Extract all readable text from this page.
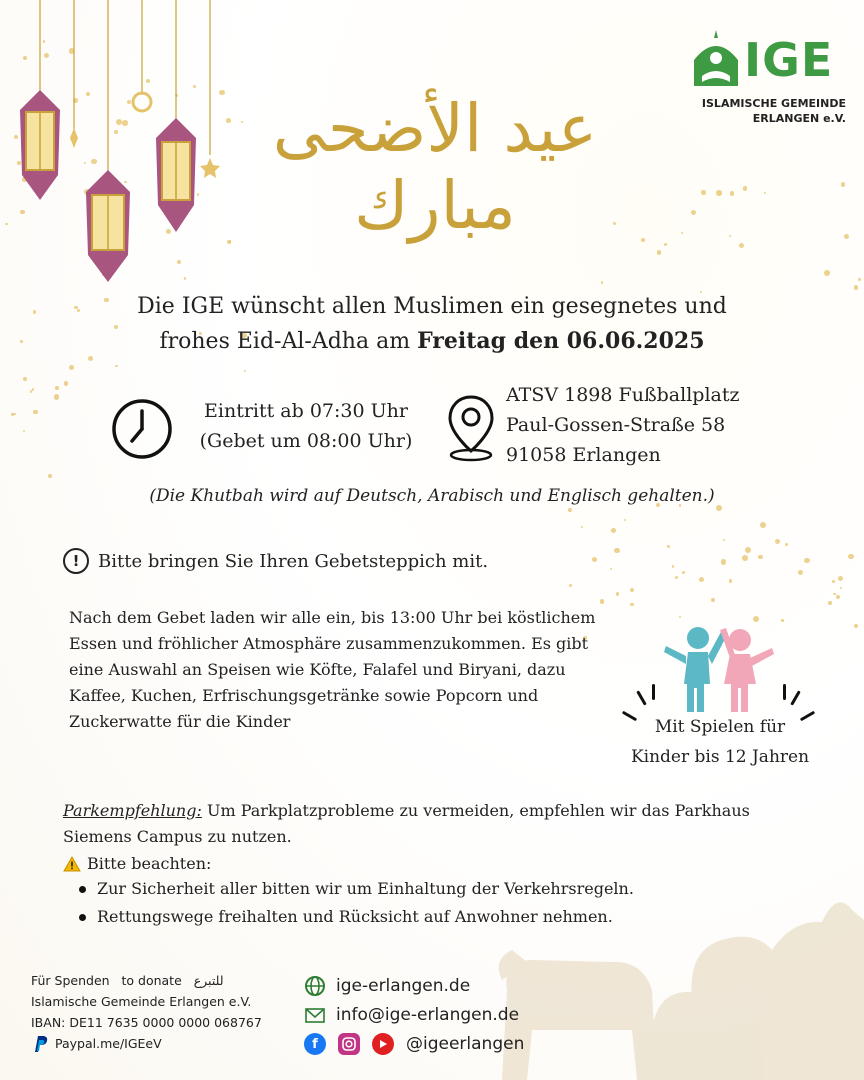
IGE
ISLAMISCHE GEMEINDE
ERLANGEN e.V.
عيد الأضحى مبارك
Die IGE wünscht allen Muslimen ein gesegnetes und
frohes Eid-Al-Adha am Freitag den 06.06.2025
Eintritt ab 07:30 Uhr
(Gebet um 08:00 Uhr)
ATSV 1898 Fußballplatz
Paul-Gossen-Straße 58
91058 Erlangen
(Die Khutbah wird auf Deutsch, Arabisch und Englisch gehalten.)
!	Bitte bringen Sie Ihren Gebetsteppich mit.
Nach dem Gebet laden wir alle ein, bis 13:00 Uhr bei köstlichem Essen und fröhlicher Atmosphäre zusammenzukommen. Es gibt eine Auswahl an Speisen wie Köfte, Falafel und Biryani, dazu Kaffee, Kuchen, Erfrischungsgetränke sowie Popcorn und Zuckerwatte für die Kinder	Mit Spielen für
Kinder bis 12 Jahren
Parkempfehlung: Um Parkplatzprobleme zu vermeiden, empfehlen wir das Parkhaus Siemens Campus zu nutzen.
Bitte beachten:
Zur Sicherheit aller bitten wir um Einhaltung der Verkehrsregeln.
Rettungswege freihalten und Rücksicht auf Anwohner nehmen.
Für Spenden to donate للتبرع
Islamische Gemeinde Erlangen e.V.
IBAN: DE11 7635 0000 0000 068767
Paypal.me/IGEeV
ige-erlangen.de
info@ige-erlangen.de
f	@igeerlangen
